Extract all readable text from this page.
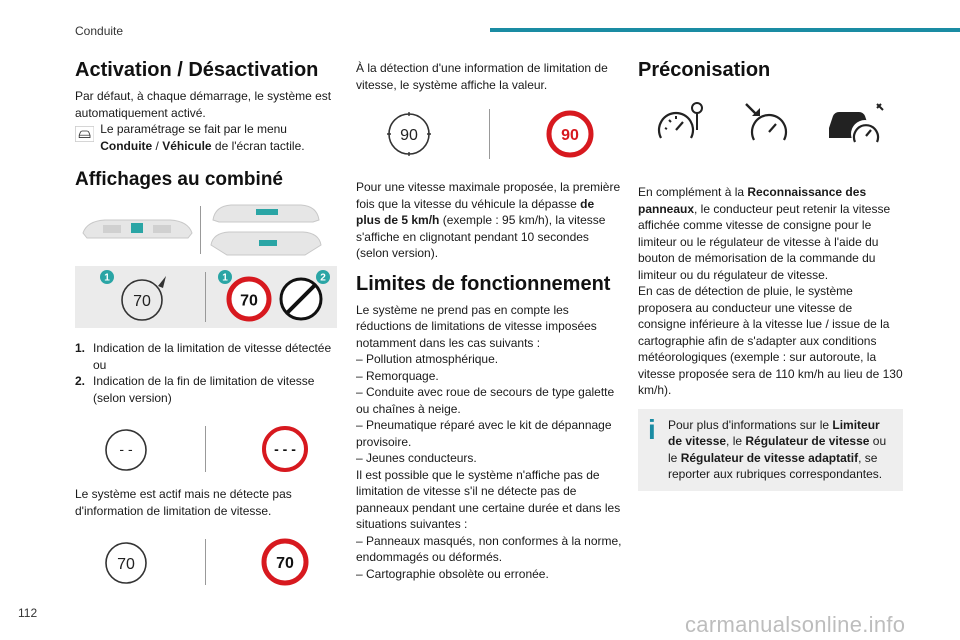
Conduite
Activation / Désactivation

Par défaut, à chaque démarrage, le système est automatiquement activé.

Le paramétrage se fait par le menu Conduite / Véhicule de l'écran tactile.

Affichages au combiné
1
70
1
70
2
1. Indication de la limitation de vitesse détectée ou
2. Indication de la fin de limitation de vitesse (selon version)
- -	- - -

Le système est actif mais ne détecte pas d'information de limitation de vitesse.

70	70

À la détection d'une information de limitation de vitesse, le système affiche la valeur.

90	90

Pour une vitesse maximale proposée, la première fois que la vitesse du véhicule la dépasse de plus de 5 km/h (exemple : 95 km/h), la vitesse s'affiche en clignotant pendant 10 secondes (selon version).

Limites de fonctionnement

Le système ne prend pas en compte les réductions de limitations de vitesse imposées notamment dans les cas suivants :

– Pollution atmosphérique.

– Remorquage.

– Conduite avec roue de secours de type galette ou chaînes à neige.

– Pneumatique réparé avec le kit de dépannage provisoire.

– Jeunes conducteurs.

Il est possible que le système n'affiche pas de limitation de vitesse s'il ne détecte pas de panneaux pendant une certaine durée et dans les situations suivantes :

– Panneaux masqués, non conformes à la norme, endommagés ou déformés.

– Cartographie obsolète ou erronée.

Préconisation

En complément à la Reconnaissance des panneaux, le conducteur peut retenir la vitesse affichée comme vitesse de consigne pour le limiteur ou le régulateur de vitesse à l'aide du bouton de mémorisation de la commande du limiteur ou du régulateur de vitesse.

En cas de détection de pluie, le système proposera au conducteur une vitesse de consigne inférieure à la vitesse lue / issue de la cartographie afin de s'adapter aux conditions météorologiques (exemple : sur autoroute, la vitesse proposée sera de 110 km/h au lieu de 130 km/h).

i	Pour plus d'informations sur le Limiteur de vitesse, le Régulateur de vitesse ou le Régulateur de vitesse adaptatif, se reporter aux rubriques correspondantes.

112	carmanualsonline.info
